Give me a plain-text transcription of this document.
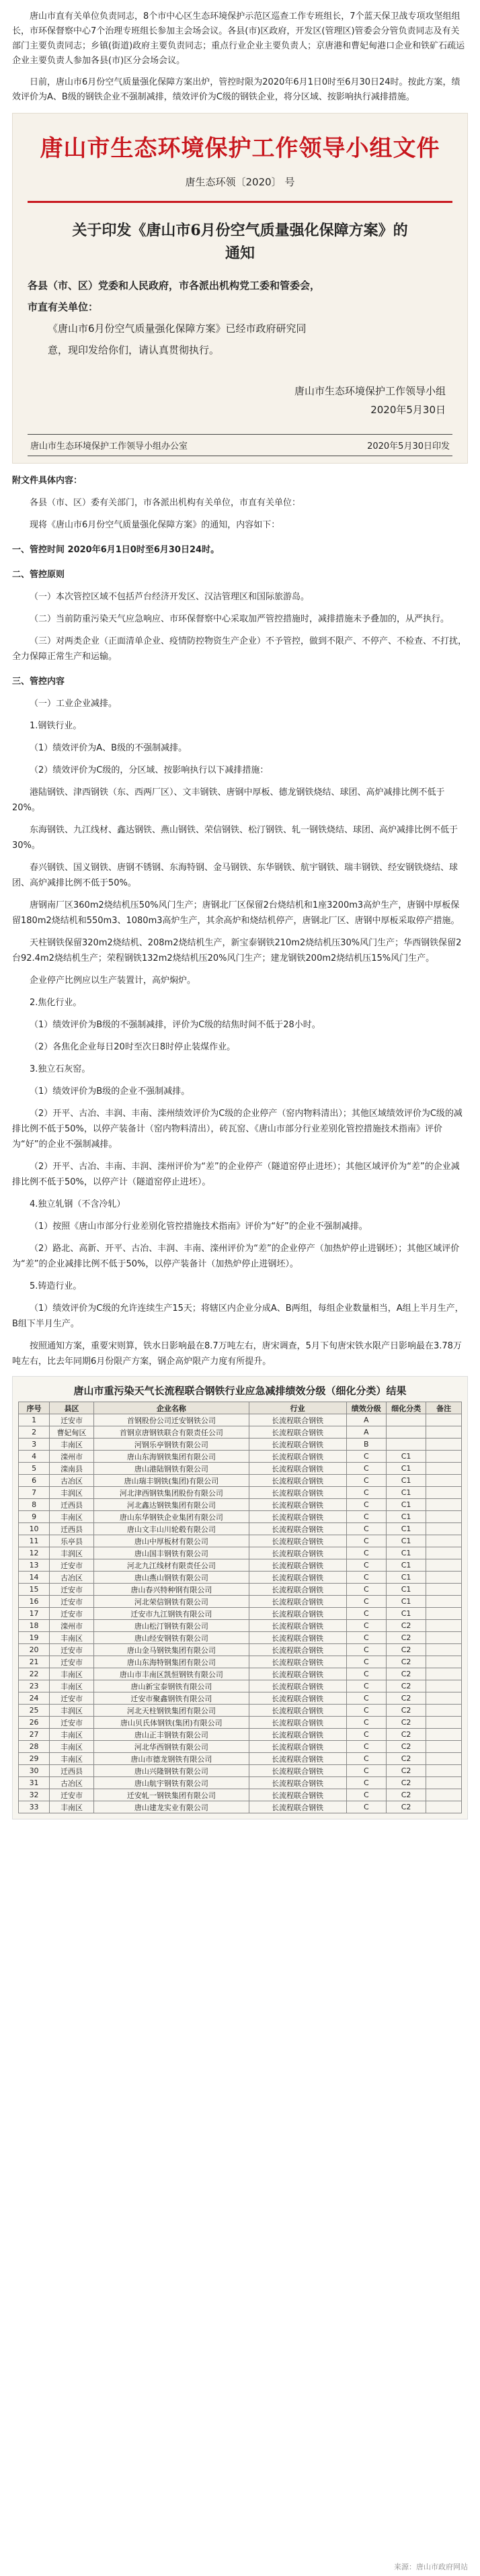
唐山市直有关单位负责同志，8个市中心区生态环境保护示范区巡查工作专班组长，7个蓝天保卫战专项攻坚组组长，市环保督察中心7个治理专班组长参加主会场会议。各县(市)区政府，开发区(管理区)管委会分管负责同志及有关部门主要负责同志；乡镇(街道)政府主要负责同志；重点行业企业主要负责人；京唐港和曹妃甸港口企业和铁矿石疏运企业主要负责人参加各县(市)区分会场会议。

日前，唐山市6月份空气质量强化保障方案出炉，管控时限为2020年6月1日0时至6月30日24时。按此方案，绩效评价为A、B级的钢铁企业不强制减排，绩效评价为C级的钢铁企业，将分区域、按影响执行减排措施。

唐山市生态环境保护工作领导小组文件
唐生态环领〔2020〕 号
关于印发《唐山市6月份空气质量强化保障方案》的
通知

各县（市、区）党委和人民政府，市各派出机构党工委和管委会，

市直有关单位：

《唐山市6月份空气质量强化保障方案》已经市政府研究同

意，现印发给你们，请认真贯彻执行。

唐山市生态环境保护工作领导小组
2020年5月30日
唐山市生态环境保护工作领导小组办公室	2020年5月30日印发

附文件具体内容：

各县（市、区）委有关部门，市各派出机构有关单位，市直有关单位：

现将《唐山市6月份空气质量强化保障方案》的通知，内容如下：

一、管控时间 2020年6月1日0时至6月30日24时。

二、管控原则

（一）本次管控区域不包括芦台经济开发区、汉沽管理区和国际旅游岛。

（二）当前防重污染天气应急响应、市环保督察中心采取加严管控措施时，减排措施未予叠加的，从严执行。

（三）对两类企业（正面清单企业、疫情防控物资生产企业）不予管控，做到不限产、不停产、不检查、不打扰，全力保障正常生产和运输。

三、管控内容

（一）工业企业减排。

1.钢铁行业。

（1）绩效评价为A、B级的不强制减排。

（2）绩效评价为C级的，分区域、按影响执行以下减排措施：

港陆钢铁、津西钢铁（东、西两厂区）、文丰钢铁、唐钢中厚板、德龙钢铁烧结、球团、高炉减排比例不低于20%。

东海钢铁、九江线材、鑫达钢铁、燕山钢铁、荣信钢铁、松汀钢铁、轧一钢铁烧结、球团、高炉减排比例不低于30%。

春兴钢铁、国义钢铁、唐钢不锈钢、东海特钢、金马钢铁、东华钢铁、航宇钢铁、瑞丰钢铁、经安钢铁烧结、球团、高炉减排比例不低于50%。

唐钢南厂区360m2烧结机压50%风门生产；唐钢北厂区保留2台烧结机和1座3200m3高炉生产，唐钢中厚板保留180m2烧结机和550m3、1080m3高炉生产，其余高炉和烧结机停产，唐钢北厂区、唐钢中厚板采取停产措施。

天柱钢铁保留320m2烧结机、208m2烧结机生产，新宝泰钢铁210m2烧结机压30%风门生产；华西钢铁保留2台92.4m2烧结机生产；荣程钢铁132m2烧结机压20%风门生产；建龙钢铁200m2烧结机压15%风门生产。

企业停产比例应以生产装置计，高炉焖炉。

2.焦化行业。

（1）绩效评价为B级的不强制减排，评价为C级的结焦时间不低于28小时。

（2）各焦化企业每日20时至次日8时停止装煤作业。

3.独立石灰窑。

（1）绩效评价为B级的企业不强制减排。

（2）开平、古冶、丰润、丰南、滦州绩效评价为C级的企业停产（窑内物料清出）；其他区域绩效评价为C级的减排比例不低于50%，以停产装备计（窑内物料清出），砖瓦窑、《唐山市部分行业差别化管控措施技术指南》评价为“好”的企业不强制减排。

（2）开平、古冶、丰南、丰润、滦州评价为“差”的企业停产（隧道窑停止进坯）；其他区域评价为“差”的企业减排比例不低于50%，以停产计（隧道窑停止进坯）。

4.独立轧钢（不含冷轧）

（1）按照《唐山市部分行业差别化管控措施技术指南》评价为“好”的企业不强制减排。

（2）路北、高新、开平、古冶、丰润、丰南、滦州评价为“差”的企业停产（加热炉停止进钢坯）；其他区域评价为“差”的企业减排比例不低于50%，以停产装备计（加热炉停止进钢坯）。

5.铸造行业。

（1）绩效评价为C级的允许连续生产15天；将辖区内企业分成A、B两组，每组企业数量相当，A组上半月生产，B组下半月生产。

按照通知方案，重要宋则算，铁水日影响最在8.7万吨左右，唐宋调查，5月下旬唐宋铁水限产日影响最在3.78万吨左右，比去年同期6月份限产方案，钢企高炉限产力度有所提升。

唐山市重污染天气长流程联合钢铁行业应急减排绩效分级（细化分类）结果
序号	县区	企业名称	行业	绩效分级	细化分类	备注
1	迁安市	首钢股份公司迁安钢铁公司	长流程联合钢铁	A		
2	曹妃甸区	首钢京唐钢铁联合有限责任公司	长流程联合钢铁	A		
3	丰南区	河钢乐亭钢铁有限公司	长流程联合钢铁	B		
4	滦州市	唐山东海钢铁集团有限公司	长流程联合钢铁	C	C1	
5	滦南县	唐山港陆钢铁有限公司	长流程联合钢铁	C	C1	
6	古冶区	唐山瑞丰钢铁(集团)有限公司	长流程联合钢铁	C	C1	
7	丰润区	河北津西钢铁集团股份有限公司	长流程联合钢铁	C	C1	
8	迁西县	河北鑫达钢铁集团有限公司	长流程联合钢铁	C	C1	
9	丰南区	唐山东华钢铁企业集团有限公司	长流程联合钢铁	C	C1	
10	迁西县	唐山文丰山川轮毂有限公司	长流程联合钢铁	C	C1	
11	乐亭县	唐山中厚板材有限公司	长流程联合钢铁	C	C1	
12	丰润区	唐山国丰钢铁有限公司	长流程联合钢铁	C	C1	
13	迁安市	河北九江线材有限责任公司	长流程联合钢铁	C	C1	
14	古冶区	唐山燕山钢铁有限公司	长流程联合钢铁	C	C1	
15	迁安市	唐山春兴特种钢有限公司	长流程联合钢铁	C	C1	
16	迁安市	河北荣信钢铁有限公司	长流程联合钢铁	C	C1	
17	迁安市	迁安市九江钢铁有限公司	长流程联合钢铁	C	C1	
18	滦州市	唐山松汀钢铁有限公司	长流程联合钢铁	C	C2	
19	丰南区	唐山经安钢铁有限公司	长流程联合钢铁	C	C2	
20	迁安市	唐山金马钢铁集团有限公司	长流程联合钢铁	C	C2	
21	迁安市	唐山东海特钢集团有限公司	长流程联合钢铁	C	C2	
22	丰南区	唐山市丰南区凯恒钢铁有限公司	长流程联合钢铁	C	C2	
23	丰南区	唐山新宝泰钢铁有限公司	长流程联合钢铁	C	C2	
24	迁安市	迁安市聚鑫钢铁有限公司	长流程联合钢铁	C	C2	
25	丰润区	河北天柱钢铁集团有限公司	长流程联合钢铁	C	C2	
26	迁安市	唐山贝氏体钢铁(集团)有限公司	长流程联合钢铁	C	C2	
27	丰南区	唐山正丰钢铁有限公司	长流程联合钢铁	C	C2	
28	丰南区	河北华西钢铁有限公司	长流程联合钢铁	C	C2	
29	丰南区	唐山市德龙钢铁有限公司	长流程联合钢铁	C	C2	
30	迁西县	唐山兴隆钢铁有限公司	长流程联合钢铁	C	C2	
31	古冶区	唐山航宇钢铁有限公司	长流程联合钢铁	C	C2	
32	迁安市	迁安轧一钢铁集团有限公司	长流程联合钢铁	C	C2	
33	丰南区	唐山建龙实业有限公司	长流程联合钢铁	C	C2	
来源：唐山市政府网站
